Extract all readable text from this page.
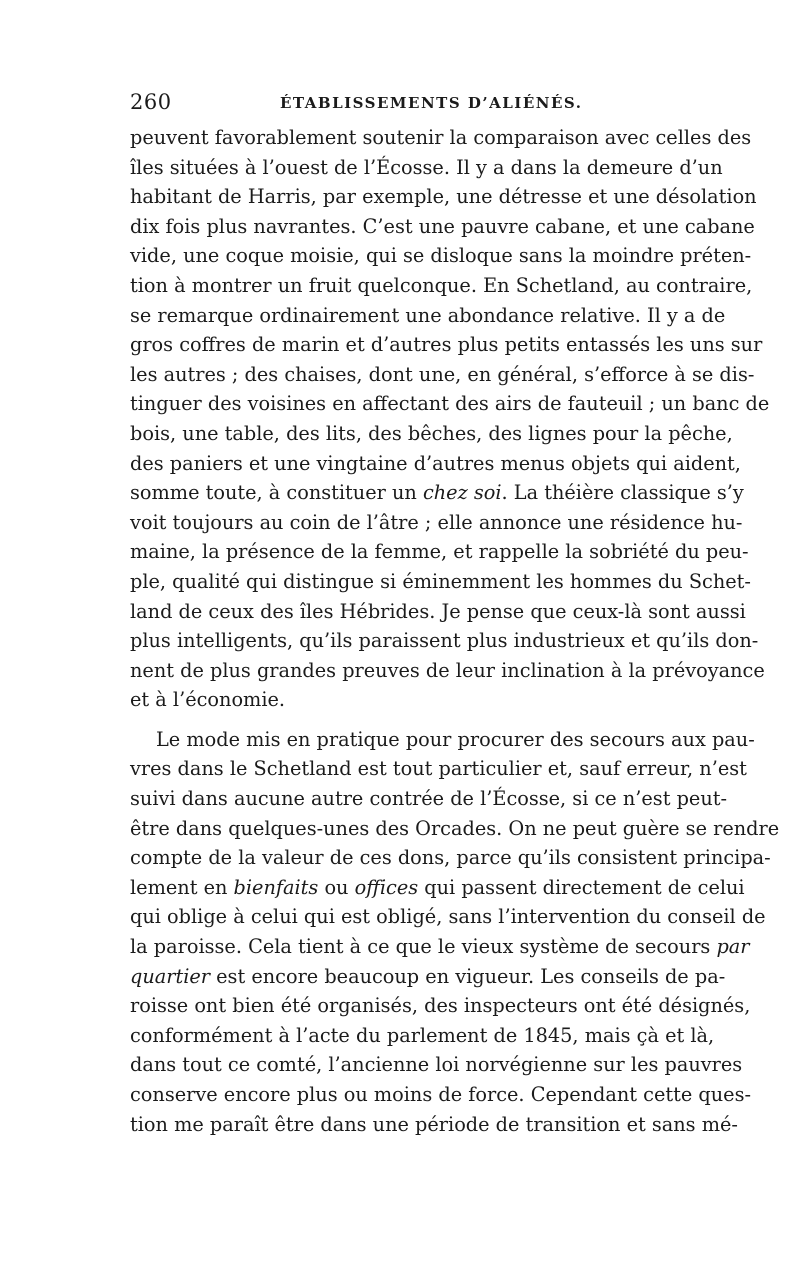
260	ÉTABLISSEMENTS D’ALIÉNÉS.
peuvent favorablement soutenir la comparaison avec celles des
îles situées à l’ouest de l’Écosse. Il y a dans la demeure d’un
habitant de Harris, par exemple, une détresse et une désolation
dix fois plus navrantes. C’est une pauvre cabane, et une cabane
vide, une coque moisie, qui se disloque sans la moindre préten-
tion à montrer un fruit quelconque. En Schetland, au contraire,
se remarque ordinairement une abondance relative. Il y a de
gros coffres de marin et d’autres plus petits entassés les uns sur
les autres ; des chaises, dont une, en général, s’efforce à se dis-
tinguer des voisines en affectant des airs de fauteuil ; un banc de
bois, une table, des lits, des bêches, des lignes pour la pêche,
des paniers et une vingtaine d’autres menus objets qui aident,
somme toute, à constituer un chez soi. La théière classique s’y
voit toujours au coin de l’âtre ; elle annonce une résidence hu-
maine, la présence de la femme, et rappelle la sobriété du peu-
ple, qualité qui distingue si éminemment les hommes du Schet-
land de ceux des îles Hébrides. Je pense que ceux-là sont aussi
plus intelligents, qu’ils paraissent plus industrieux et qu’ils don-
nent de plus grandes preuves de leur inclination à la prévoyance
et à l’économie.
Le mode mis en pratique pour procurer des secours aux pau-
vres dans le Schetland est tout particulier et, sauf erreur, n’est
suivi dans aucune autre contrée de l’Écosse, si ce n’est peut-
être dans quelques-unes des Orcades. On ne peut guère se rendre
compte de la valeur de ces dons, parce qu’ils consistent principa-
lement en bienfaits ou offices qui passent directement de celui
qui oblige à celui qui est obligé, sans l’intervention du conseil de
la paroisse. Cela tient à ce que le vieux système de secours par
quartier est encore beaucoup en vigueur. Les conseils de pa-
roisse ont bien été organisés, des inspecteurs ont été désignés,
conformément à l’acte du parlement de 1845, mais çà et là,
dans tout ce comté, l’ancienne loi norvégienne sur les pauvres
conserve encore plus ou moins de force. Cependant cette ques-
tion me paraît être dans une période de transition et sans mé-
